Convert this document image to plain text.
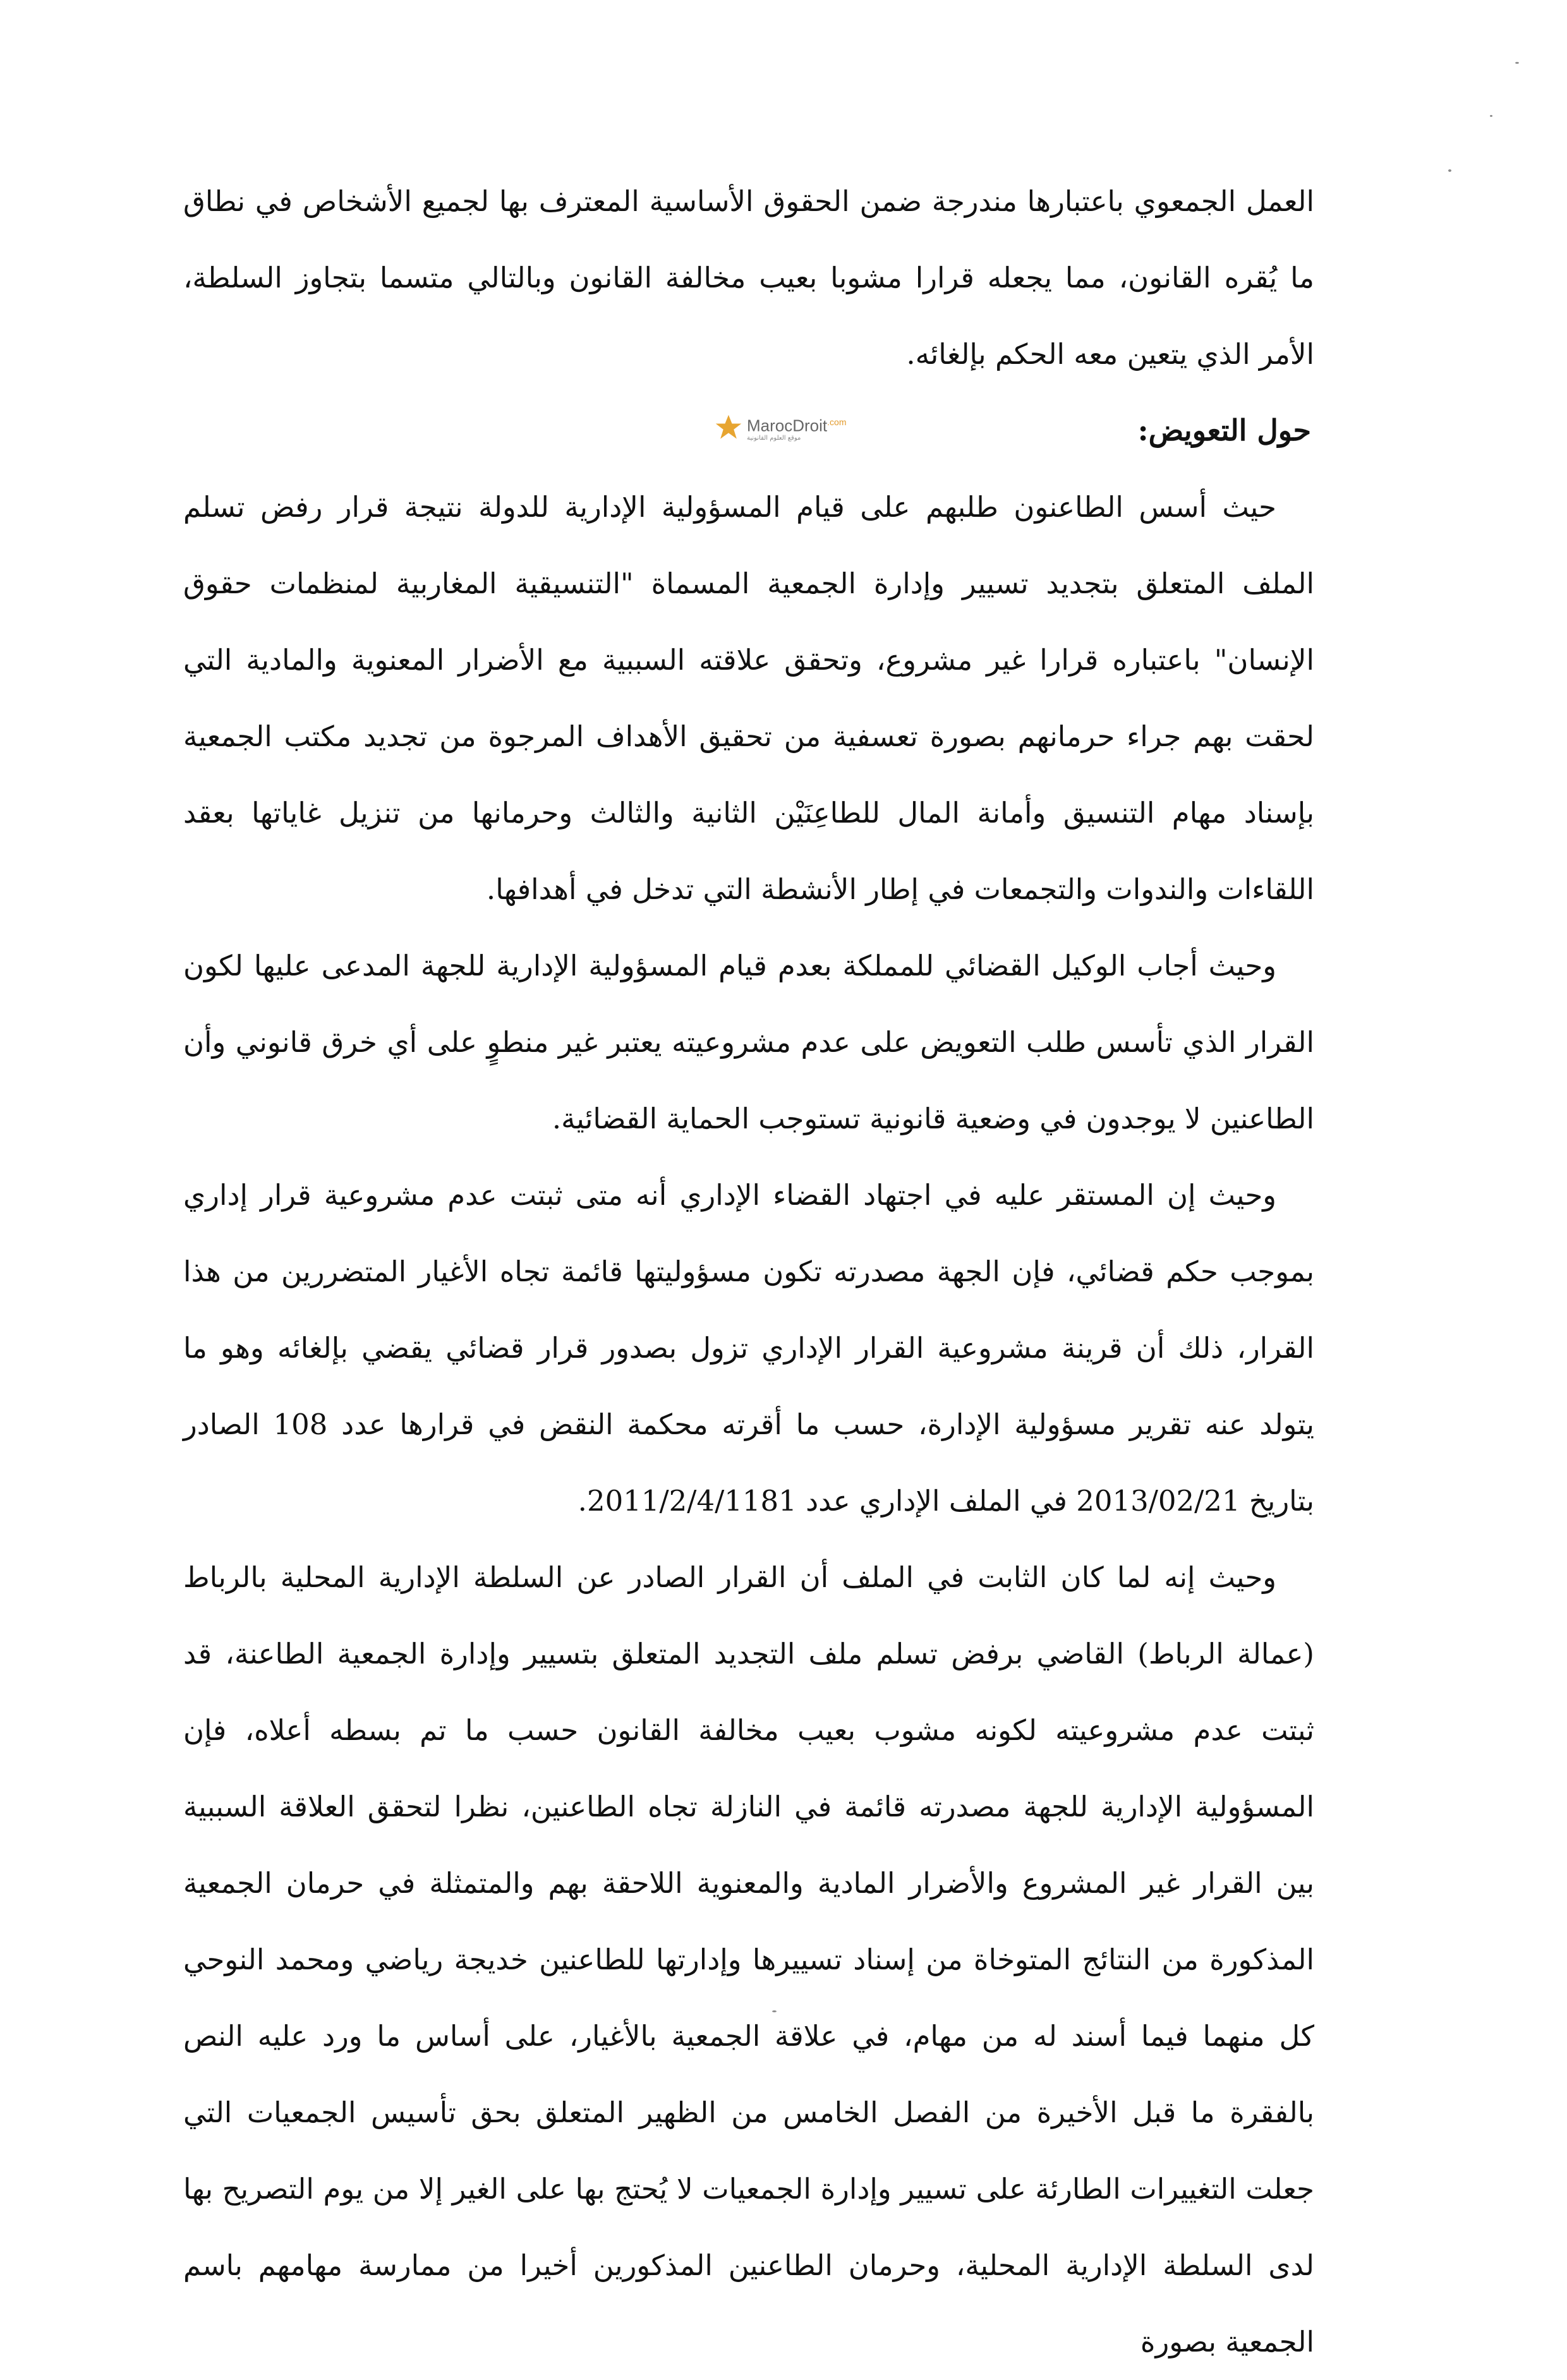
العمل الجمعوي باعتبارها مندرجة ضمن الحقوق الأساسية المعترف بها لجميع الأشخاص في نطاق ما يُقره القانون، مما يجعله قرارا مشوبا بعيب مخالفة القانون وبالتالي متسما بتجاوز السلطة، الأمر الذي يتعين معه الحكم بإلغائه.

حول التعويض:

حيث أسس الطاعنون طلبهم على قيام المسؤولية الإدارية للدولة نتيجة قرار رفض تسلم الملف المتعلق بتجديد تسيير وإدارة الجمعية المسماة "التنسيقية المغاربية لمنظمات حقوق الإنسان" باعتباره قرارا غير مشروع، وتحقق علاقته السببية مع الأضرار المعنوية والمادية التي لحقت بهم جراء حرمانهم بصورة تعسفية من تحقيق الأهداف المرجوة من تجديد مكتب الجمعية بإسناد مهام التنسيق وأمانة المال للطاعِنَيْن الثانية والثالث وحرمانها من تنزيل غاياتها بعقد اللقاءات والندوات والتجمعات في إطار الأنشطة التي تدخل في أهدافها.

وحيث أجاب الوكيل القضائي للمملكة بعدم قيام المسؤولية الإدارية للجهة المدعى عليها لكون القرار الذي تأسس طلب التعويض على عدم مشروعيته يعتبر غير منطوٍ على أي خرق قانوني وأن الطاعنين لا يوجدون في وضعية قانونية تستوجب الحماية القضائية.

وحيث إن المستقر عليه في اجتهاد القضاء الإداري أنه متى ثبتت عدم مشروعية قرار إداري بموجب حكم قضائي، فإن الجهة مصدرته تكون مسؤوليتها قائمة تجاه الأغيار المتضررين من هذا القرار، ذلك أن قرينة مشروعية القرار الإداري تزول بصدور قرار قضائي يقضي بإلغائه وهو ما يتولد عنه تقرير مسؤولية الإدارة، حسب ما أقرته محكمة النقض في قرارها عدد 108 الصادر بتاريخ 2013/02/21 في الملف الإداري عدد 2011/2/4/1181.

وحيث إنه لما كان الثابت في الملف أن القرار الصادر عن السلطة الإدارية المحلية بالرباط (عمالة الرباط) القاضي برفض تسلم ملف التجديد المتعلق بتسيير وإدارة الجمعية الطاعنة، قد ثبتت عدم مشروعيته لكونه مشوب بعيب مخالفة القانون حسب ما تم بسطه أعلاه، فإن المسؤولية الإدارية للجهة مصدرته قائمة في النازلة تجاه الطاعنين، نظرا لتحقق العلاقة السببية بين القرار غير المشروع والأضرار المادية والمعنوية اللاحقة بهم والمتمثلة في حرمان الجمعية المذكورة من النتائج المتوخاة من إسناد تسييرها وإدارتها للطاعنين خديجة رياضي ومحمد النوحي كل منهما فيما أسند له من مهام، في علاقة الجمعية بالأغيار، على أساس ما ورد عليه النص بالفقرة ما قبل الأخيرة من الفصل الخامس من الظهير المتعلق بحق تأسيس الجمعيات التي جعلت التغييرات الطارئة على تسيير وإدارة الجمعيات لا يُحتج بها على الغير إلا من يوم التصريح بها لدى السلطة الإدارية المحلية، وحرمان الطاعنين المذكورين أخيرا من ممارسة مهامهم باسم الجمعية بصورة

MarocDroit$^{.com}$
موقع العلوم القانونية
